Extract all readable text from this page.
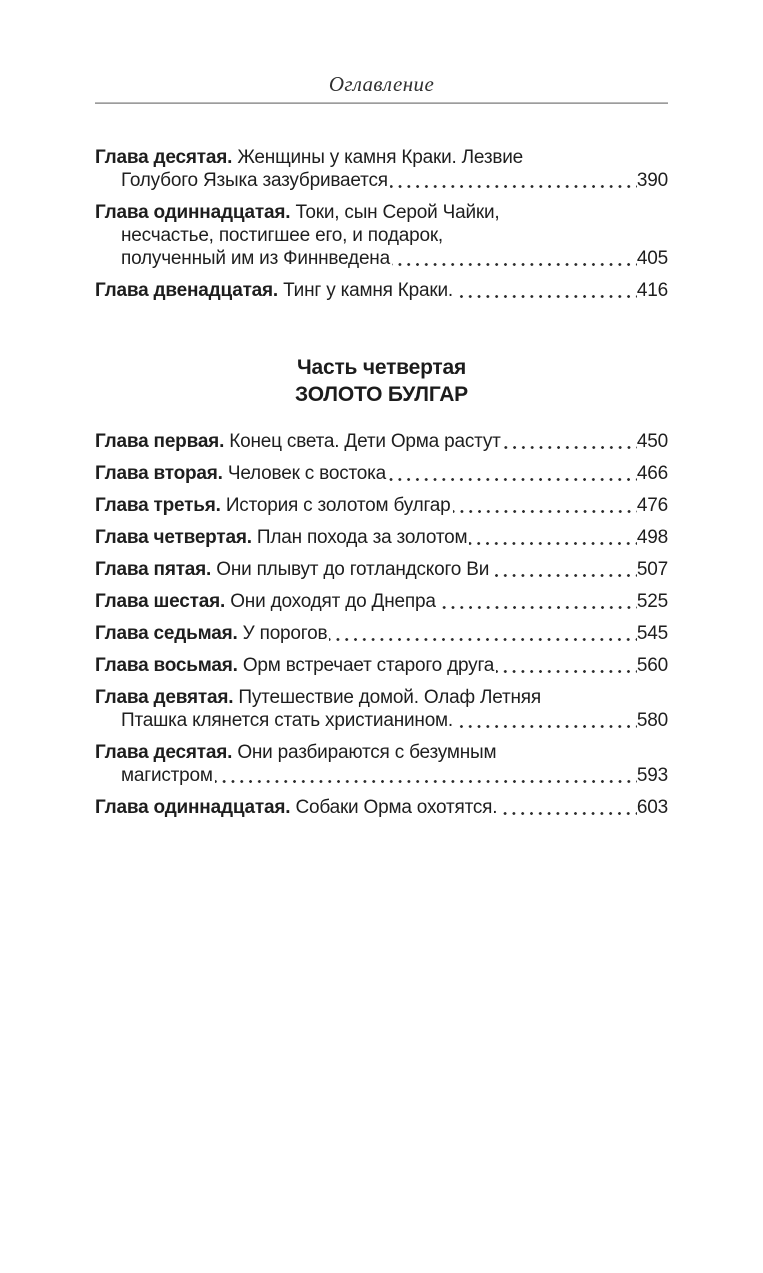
Оглавление
Глава десятая. Женщины у камня Краки. Лезвие
Голубого Языка зазубривается	390
Глава одиннадцатая. Токи, сын Серой Чайки,
несчастье, постигшее его, и подарок,
полученный им из Финнведена	405
Глава двенадцатая. Тинг у камня Краки.	416
Часть четвертая
ЗОЛОТО БУЛГАР
Глава первая. Конец света. Дети Орма растут	450
Глава вторая. Человек с востока	466
Глава третья. История с золотом булгар	476
Глава четвертая. План похода за золотом	498
Глава пятая. Они плывут до готландского Ви	507
Глава шестая. Они доходят до Днепра	525
Глава седьмая. У порогов	545
Глава восьмая. Орм встречает старого друга	560
Глава девятая. Путешествие домой. Олаф Летняя
Пташка клянется стать христианином.	580
Глава десятая. Они разбираются с безумным
магистром	593
Глава одиннадцатая. Собаки Орма охотятся.	603
